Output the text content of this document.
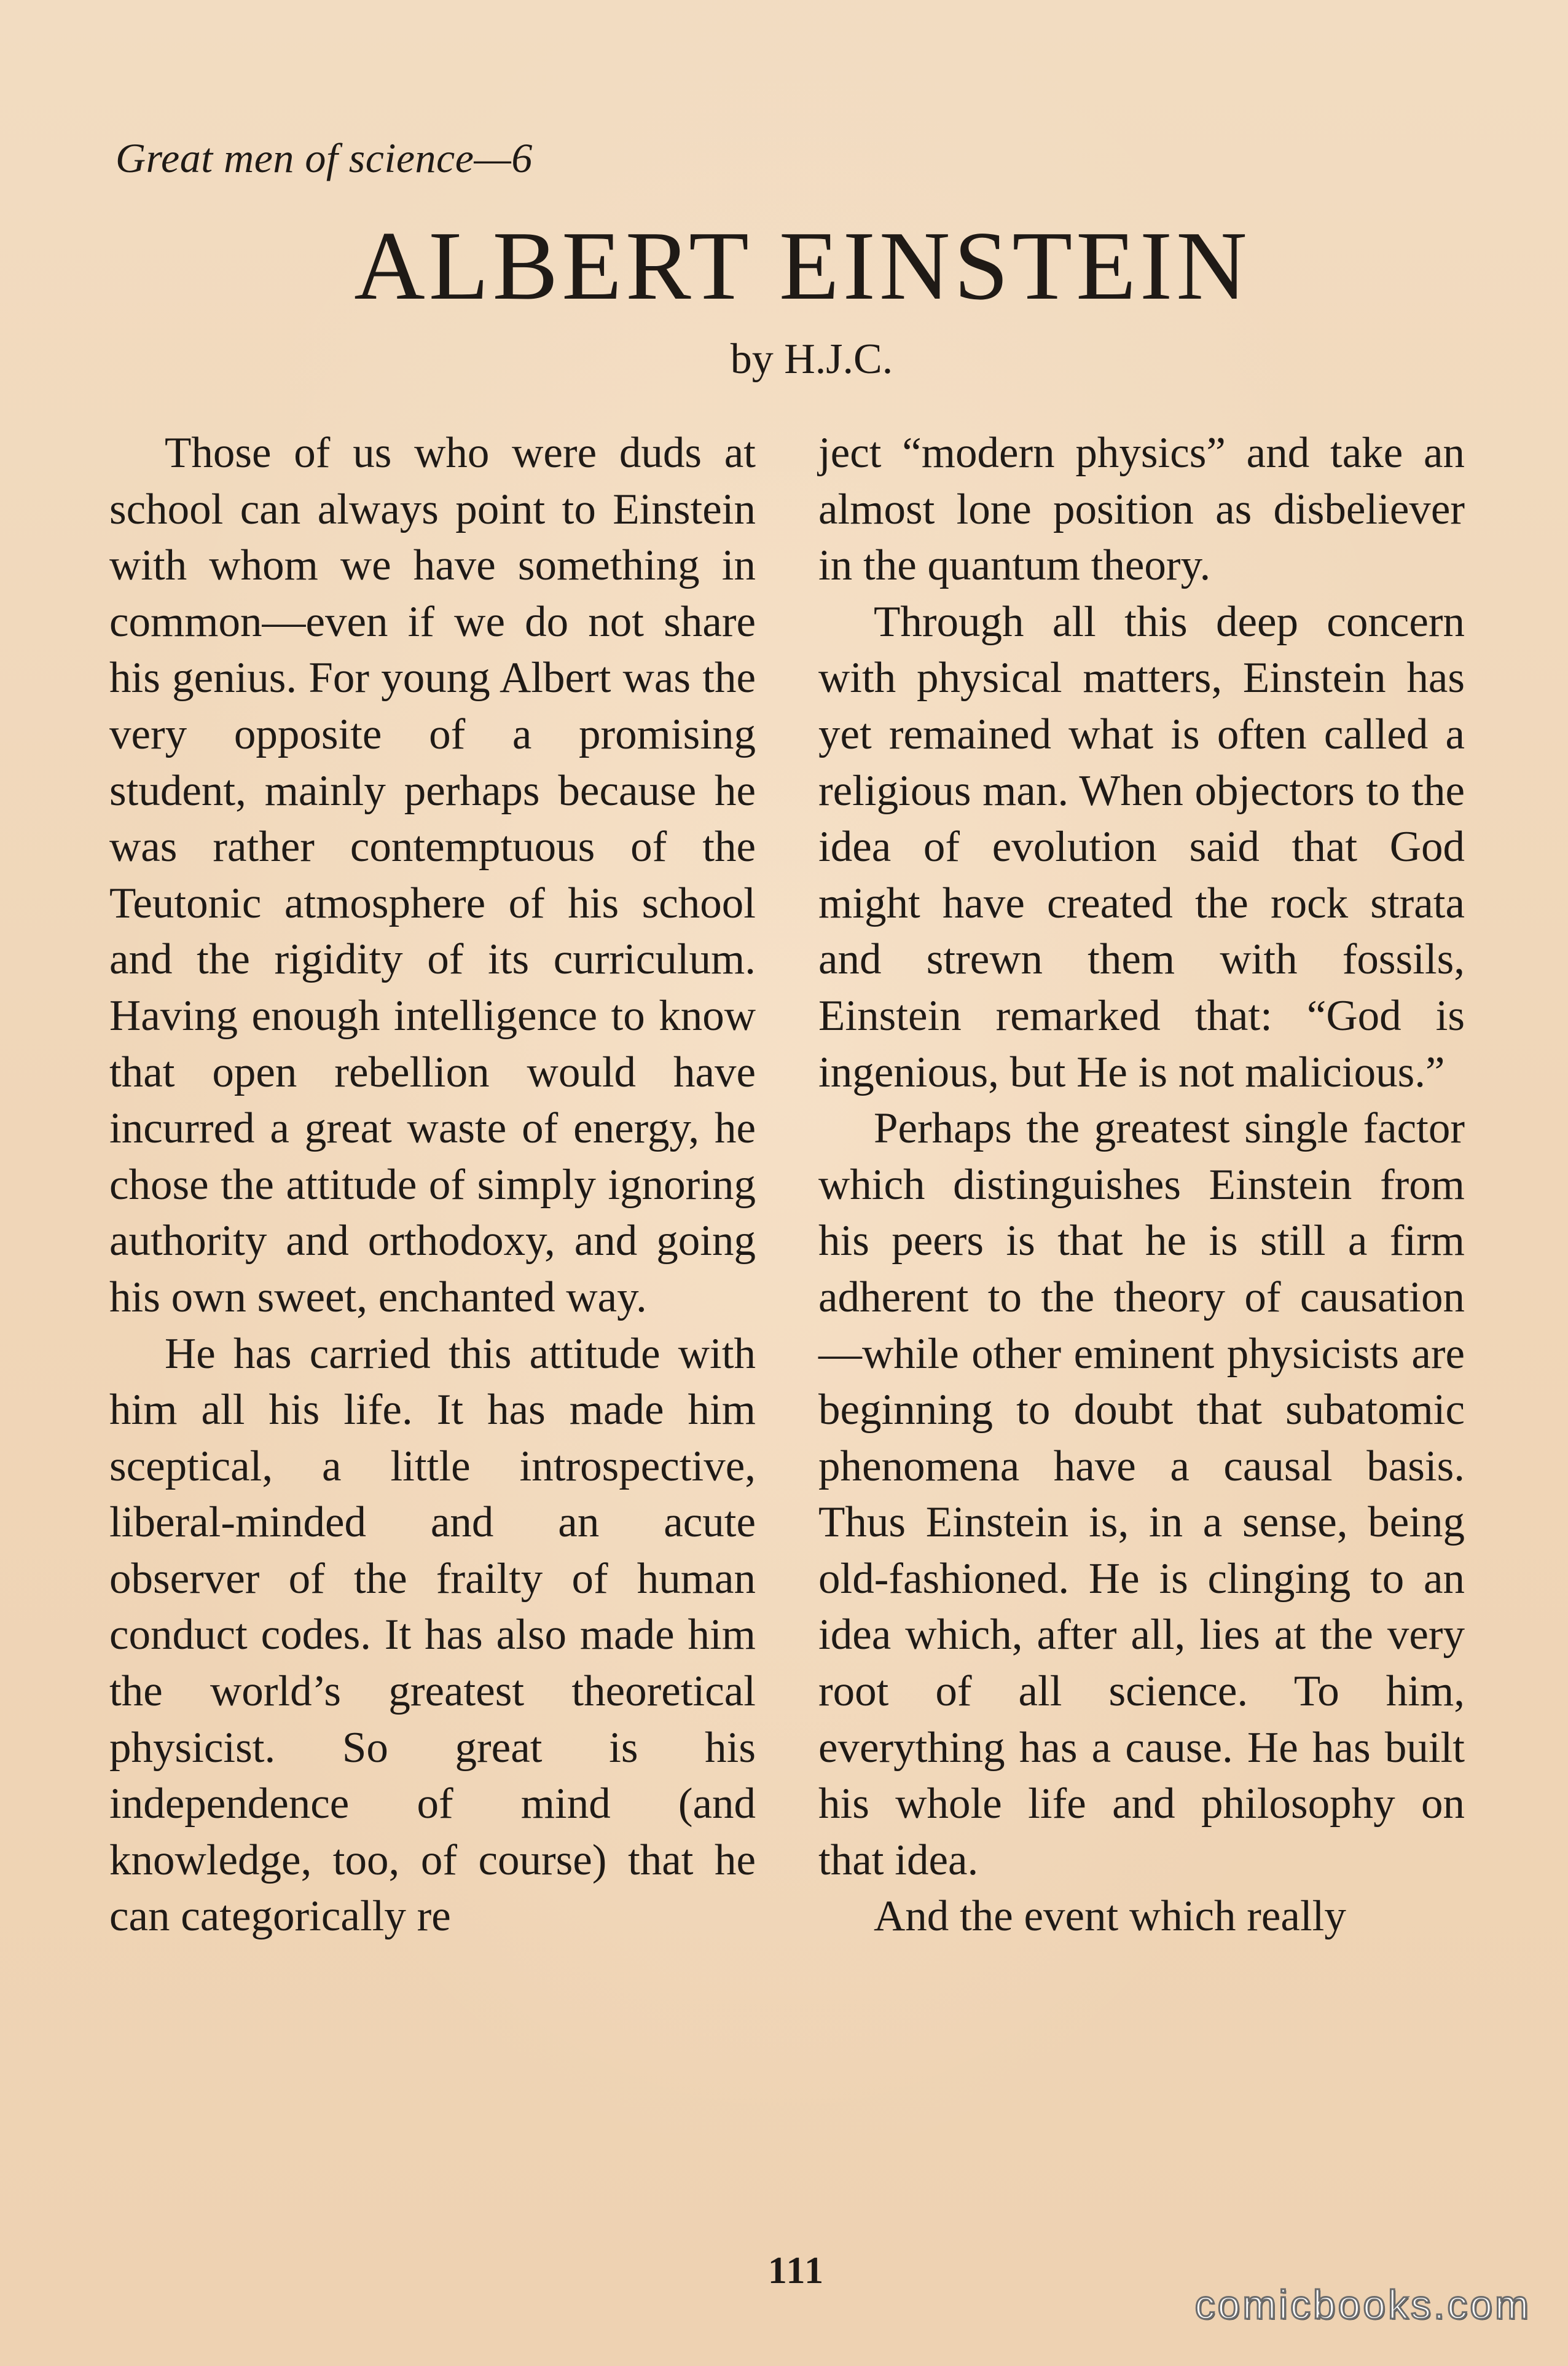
Great men of science—6
ALBERT EINSTEIN
by H.J.C.

Those of us who were duds at school can always point to Einstein with whom we have something in common—even if we do not share his genius. For young Albert was the very opposite of a promising student, mainly perhaps because he was rather contemptuous of the Teutonic atmosphere of his school and the rigidity of its curriculum. Having enough intelligence to know that open rebellion would have incurred a great waste of energy, he chose the attitude of simply ignoring authority and orthodoxy, and going his own sweet, enchanted way.

He has carried this attitude with him all his life. It has made him sceptical, a little introspective, liberal-minded and an acute observer of the frailty of human conduct codes. It has also made him the world’s greatest theoretical physicist. So great is his independence of mind (and knowledge, too, of course) that he can categorically re

ject “modern physics” and take an almost lone position as disbeliever in the quantum theory.

Through all this deep concern with physical matters, Einstein has yet remained what is often called a religious man. When objectors to the idea of evolution said that God might have created the rock strata and strewn them with fossils, Einstein remarked that: “God is ingenious, but He is not malicious.”

Perhaps the greatest single factor which distinguishes Einstein from his peers is that he is still a firm adherent to the theory of causation—while other eminent physicists are beginning to doubt that subatomic phenomena have a causal basis. Thus Einstein is, in a sense, being old-fashioned. He is clinging to an idea which, after all, lies at the very root of all science. To him, everything has a cause. He has built his whole life and philosophy on that idea.

And the event which really

111
comicbooks.com
